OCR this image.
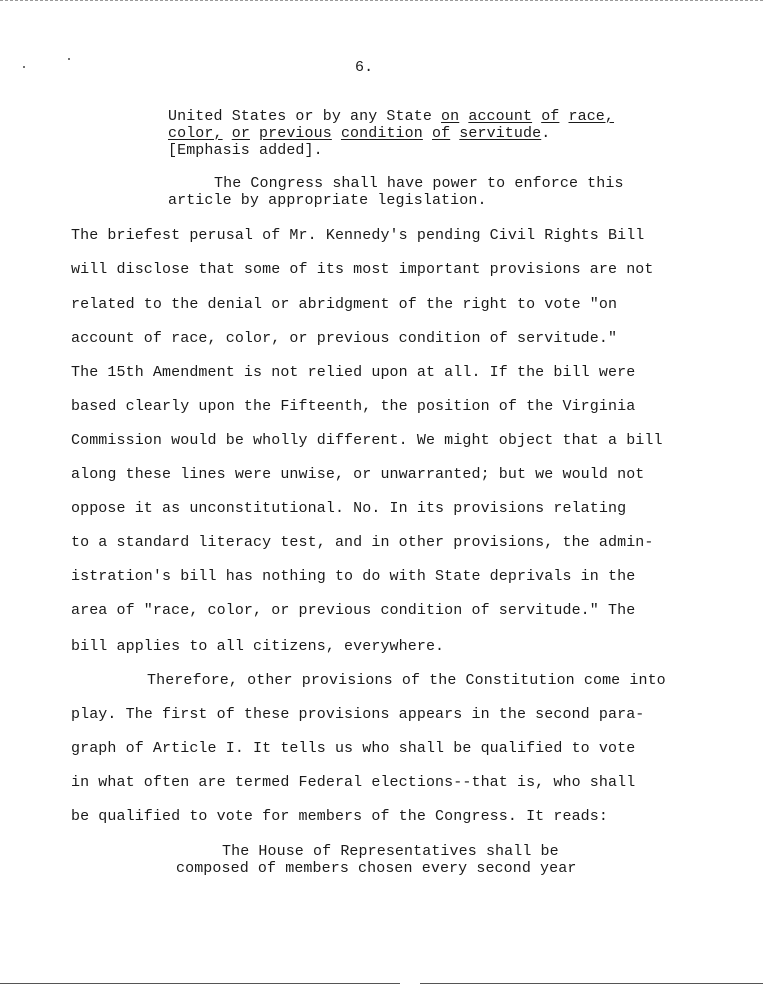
6.
United States or by any State on account of race,
color, or previous condition of servitude.
[Emphasis added].
The Congress shall have power to enforce this
article by appropriate legislation.
The briefest perusal of Mr. Kennedy's pending Civil Rights Bill
will disclose that some of its most important provisions are not
related to the denial or abridgment of the right to vote "on
account of race, color, or previous condition of servitude."
The 15th Amendment is not relied upon at all. If the bill were
based clearly upon the Fifteenth, the position of the Virginia
Commission would be wholly different. We might object that a bill
along these lines were unwise, or unwarranted; but we would not
oppose it as unconstitutional. No. In its provisions relating
to a standard literacy test, and in other provisions, the admin-
istration's bill has nothing to do with State deprivals in the
area of "race, color, or previous condition of servitude." The
bill applies to all citizens, everywhere.
Therefore, other provisions of the Constitution come into
play. The first of these provisions appears in the second para-
graph of Article I. It tells us who shall be qualified to vote
in what often are termed Federal elections--that is, who shall
be qualified to vote for members of the Congress. It reads:
The House of Representatives shall be
composed of members chosen every second year
